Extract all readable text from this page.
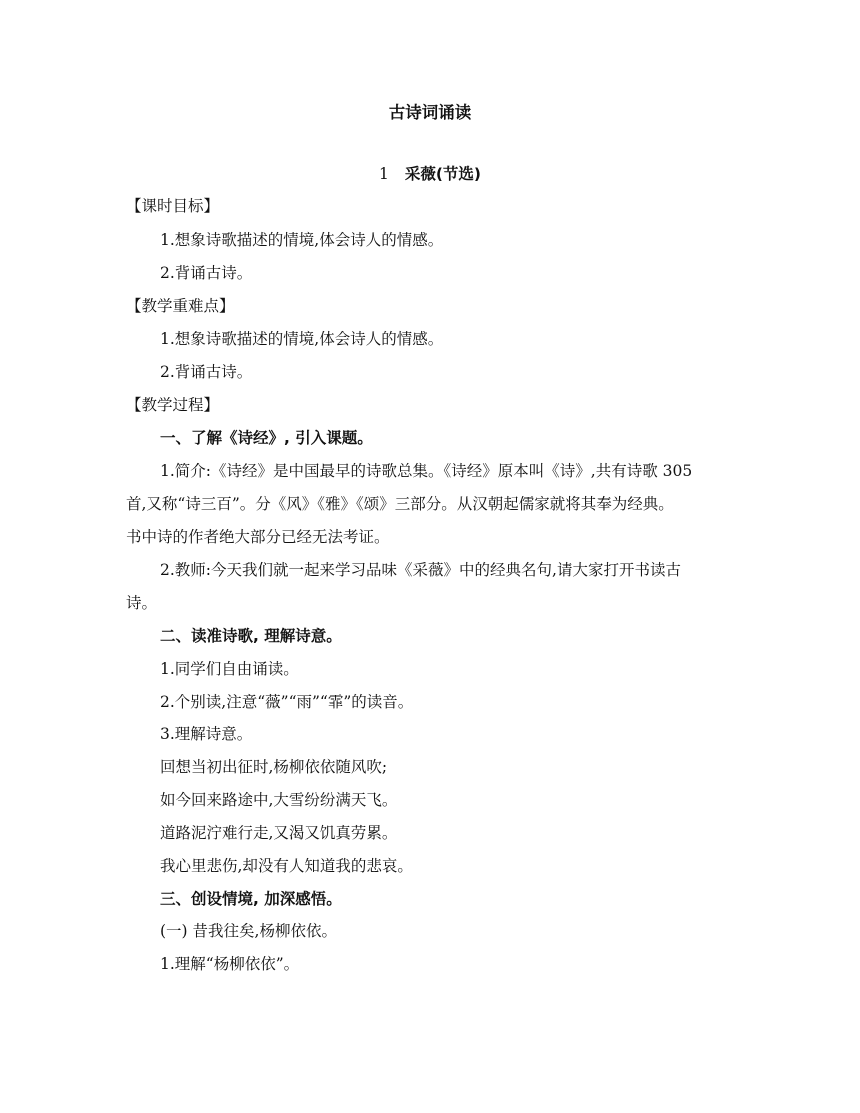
古诗词诵读
1 采薇(节选)
【课时目标】
1.想象诗歌描述的情境,体会诗人的情感。
2.背诵古诗。
【教学重难点】
1.想象诗歌描述的情境,体会诗人的情感。
2.背诵古诗。
【教学过程】
一、了解《诗经》, 引入课题。
1.简介:《诗经》是中国最早的诗歌总集。《诗经》原本叫《诗》,共有诗歌 305
首,又称“诗三百”。分《风》《雅》《颂》三部分。从汉朝起儒家就将其奉为经典。
书中诗的作者绝大部分已经无法考证。
2.教师:今天我们就一起来学习品味《采薇》中的经典名句,请大家打开书读古
诗。
二、读准诗歌, 理解诗意。
1.同学们自由诵读。
2.个别读,注意“薇”“雨”“霏”的读音。
3.理解诗意。
回想当初出征时,杨柳依依随风吹;
如今回来路途中,大雪纷纷满天飞。
道路泥泞难行走,又渴又饥真劳累。
我心里悲伤,却没有人知道我的悲哀。
三、创设情境, 加深感悟。
(一) 昔我往矣,杨柳依依。
1.理解“杨柳依依”。
